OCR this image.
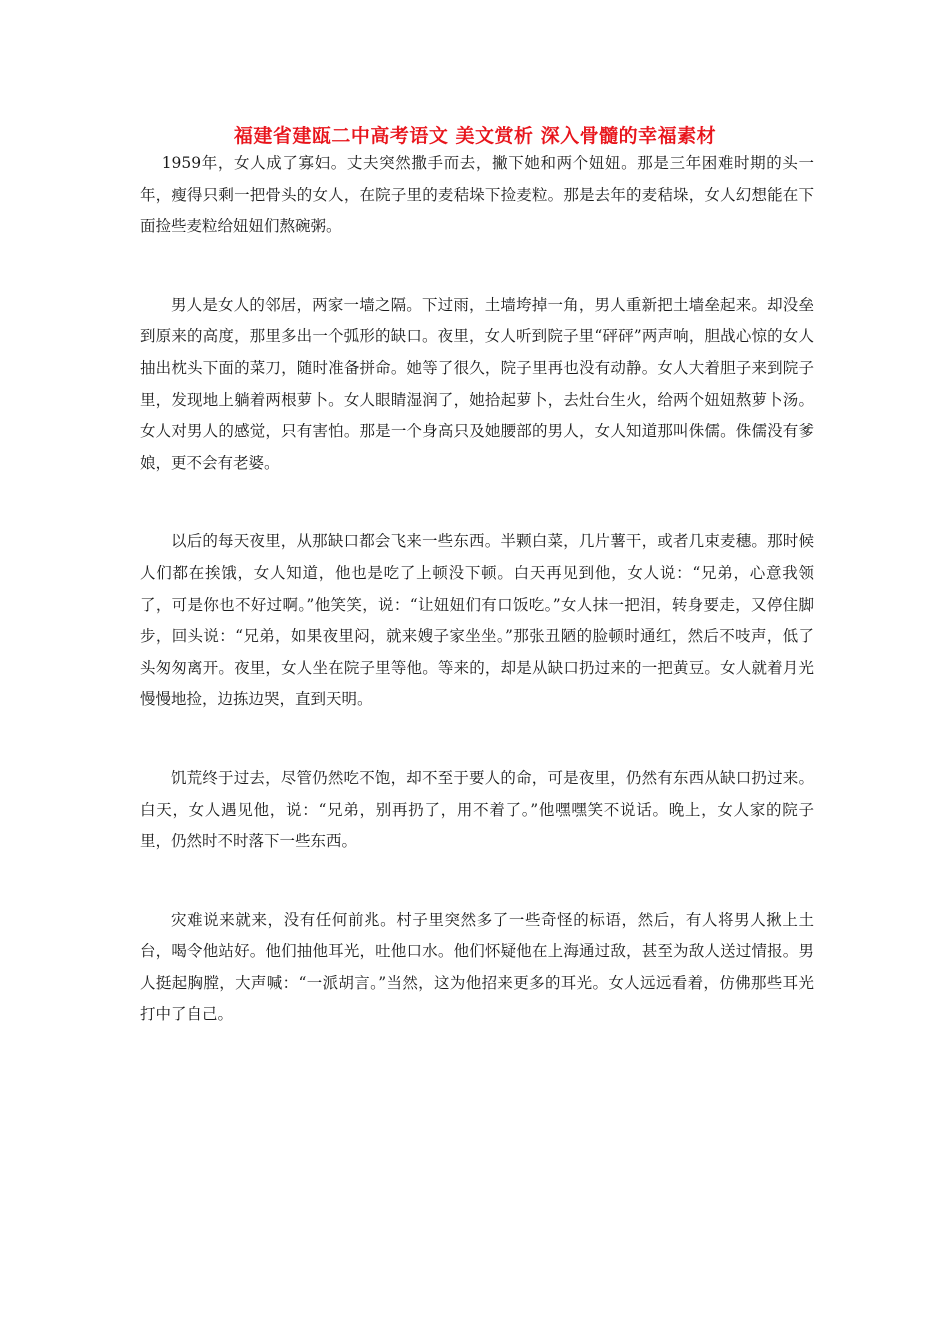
福建省建瓯二中高考语文 美文赏析 深入骨髓的幸福素材

1959年，女人成了寡妇。丈夫突然撒手而去，撇下她和两个妞妞。那是三年困难时期的头一年，瘦得只剩一把骨头的女人，在院子里的麦秸垛下捡麦粒。那是去年的麦秸垛，女人幻想能在下面捡些麦粒给妞妞们熬碗粥。

男人是女人的邻居，两家一墙之隔。下过雨，土墙垮掉一角，男人重新把土墙垒起来。却没垒到原来的高度，那里多出一个弧形的缺口。夜里，女人听到院子里“砰砰”两声响，胆战心惊的女人抽出枕头下面的菜刀，随时准备拼命。她等了很久，院子里再也没有动静。女人大着胆子来到院子里，发现地上躺着两根萝卜。女人眼睛湿润了，她拾起萝卜，去灶台生火，给两个妞妞熬萝卜汤。女人对男人的感觉，只有害怕。那是一个身高只及她腰部的男人，女人知道那叫侏儒。侏儒没有爹娘，更不会有老婆。

以后的每天夜里，从那缺口都会飞来一些东西。半颗白菜，几片薯干，或者几束麦穗。那时候人们都在挨饿，女人知道，他也是吃了上顿没下顿。白天再见到他，女人说：“兄弟，心意我领了，可是你也不好过啊。”他笑笑，说：“让妞妞们有口饭吃。”女人抹一把泪，转身要走，又停住脚步，回头说：“兄弟，如果夜里闷，就来嫂子家坐坐。”那张丑陋的脸顿时通红，然后不吱声，低了头匆匆离开。夜里，女人坐在院子里等他。等来的，却是从缺口扔过来的一把黄豆。女人就着月光慢慢地捡，边拣边哭，直到天明。

饥荒终于过去，尽管仍然吃不饱，却不至于要人的命，可是夜里，仍然有东西从缺口扔过来。白天，女人遇见他，说：“兄弟，别再扔了，用不着了。”他嘿嘿笑不说话。晚上，女人家的院子里，仍然时不时落下一些东西。

灾难说来就来，没有任何前兆。村子里突然多了一些奇怪的标语，然后，有人将男人揪上土台，喝令他站好。他们抽他耳光，吐他口水。他们怀疑他在上海通过敌，甚至为敌人送过情报。男人挺起胸膛，大声喊：“一派胡言。”当然，这为他招来更多的耳光。女人远远看着，仿佛那些耳光打中了自己。
